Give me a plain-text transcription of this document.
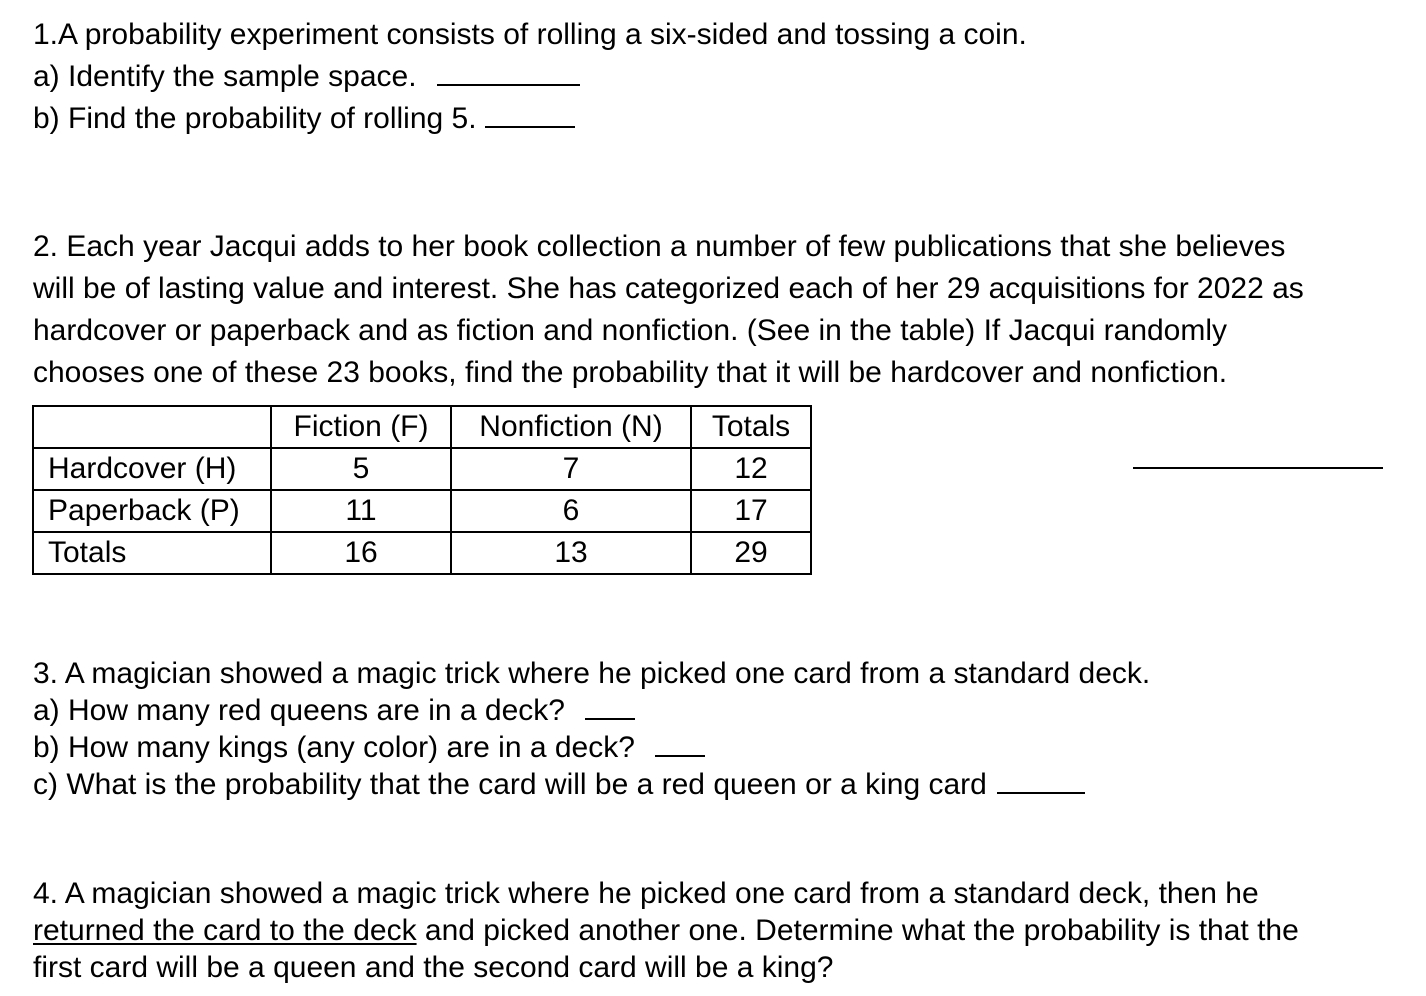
1.A probability experiment consists of rolling a six-sided and tossing a coin.
a) Identify the sample space.
b) Find the probability of rolling 5.
2. Each year Jacqui adds to her book collection a number of few publications that she believes
will be of lasting value and interest. She has categorized each of her 29 acquisitions for 2022 as
hardcover or paperback and as fiction and nonfiction. (See in the table) If Jacqui randomly
chooses one of these 23 books, find the probability that it will be hardcover and nonfiction.
	Fiction (F)	Nonfiction (N)	Totals
Hardcover (H)	5	7	12
Paperback (P)	11	6	17
Totals	16	13	29
3. A magician showed a magic trick where he picked one card from a standard deck.
a) How many red queens are in a deck?
b) How many kings (any color) are in a deck?
c) What is the probability that the card will be a red queen or a king card
4. A magician showed a magic trick where he picked one card from a standard deck, then he
returned the card to the deck and picked another one. Determine what the probability is that the
first card will be a queen and the second card will be a king?
